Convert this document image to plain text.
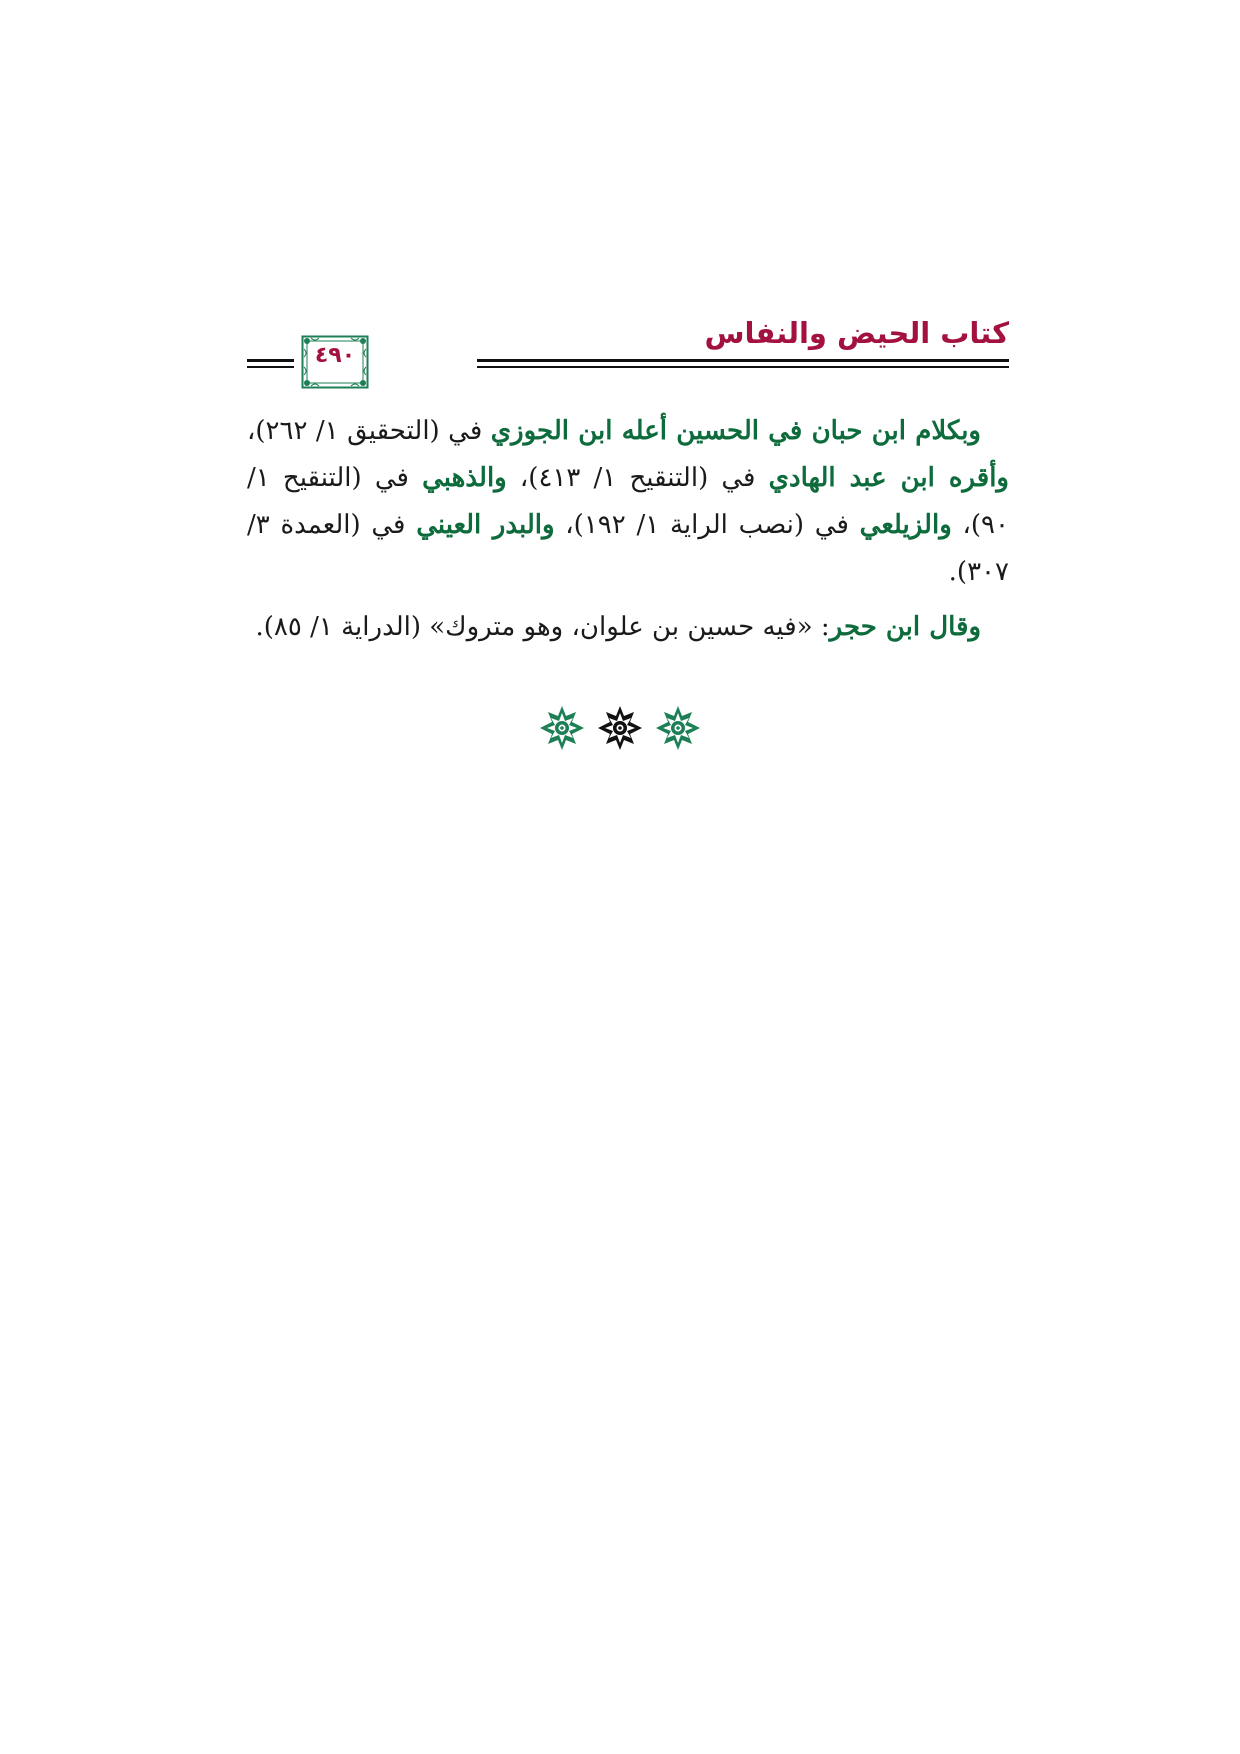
كتاب الحيض والنفاس
٤٩٠

وبكلام ابن حبان في الحسين أعله ابن الجوزي في (التحقيق ١/ ٢٦٢)، وأقره ابن عبد الهادي في (التنقيح ١/ ٤١٣)، والذهبي في (التنقيح ١/ ٩٠)، والزيلعي في (نصب الراية ١/ ١٩٢)، والبدر العيني في (العمدة ٣/ ٣٠٧).

وقال ابن حجر: «فيه حسين بن علوان، وهو متروك» (الدراية ١/ ٨٥).
